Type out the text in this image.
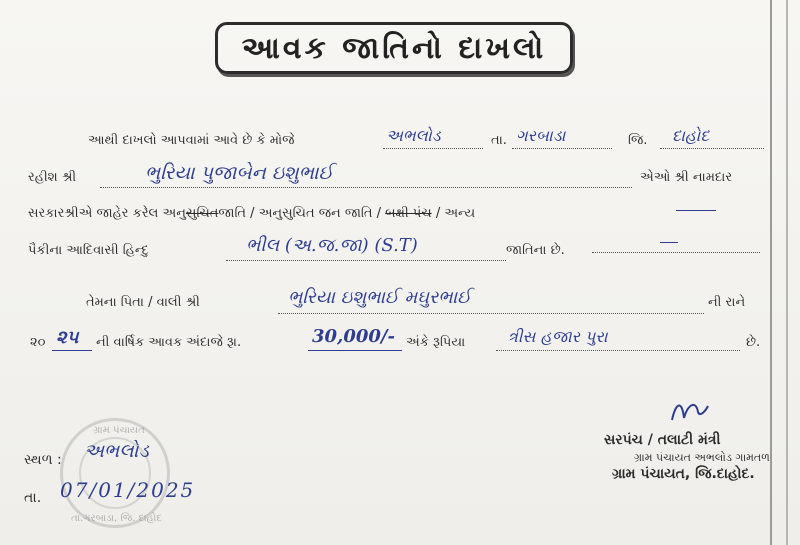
આવક જાતિનો દાખલો
આથી દાખલો આપવામાં આવે છે કે મોજે	અભલોડ	તા. ગરબાડા	જિ. દાહોદ
રહીશ શ્રી	ભુરિયા પુજાબેન ઇશુભાઈ	એઓ શ્રી નામદાર
સરકારશ્રીએ જાહેર કરેલ અનુસુચિતજાતિ / અનુસુચિત જન જાતિ / બક્ષી પંચ / અન્ય
પૈકીના આદિવાસી હિન્દુ	ભીલ (અ.જ.જા) (S.T)	જાતિના છે.
તેમના પિતા / વાલી શ્રી	ભુરિયા ઇશુભાઈ મઘુરભાઈ	ની રાને
૨૦ ૨૫ ની વાર્ષિક આવક અંદાજે રૂા.	30,000/- અંકે રૂપિયા	ત્રીસ હજાર પુરા	છે.
ગ્રામ પંચાયત
તા.ગરબાડા, જિ. દાહોદ
સ્થળ : અભલોડ
તા. 07/01/2025
સરપંચ / તલાટી મંત્રી
ગ્રામ પંચાયત અભલોડ ગામતળ
ગ્રામ પંચાયત, જિ.દાહોદ.
